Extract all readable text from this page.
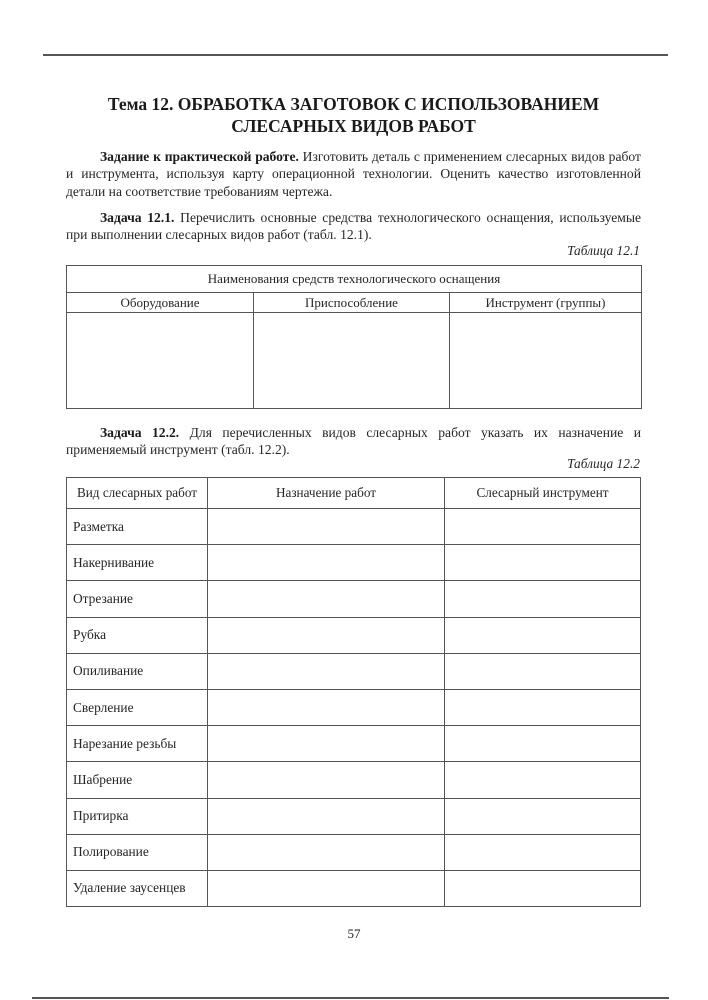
Тема 12. ОБРАБОТКА ЗАГОТОВОК С ИСПОЛЬЗОВАНИЕМ
СЛЕСАРНЫХ ВИДОВ РАБОТ
Задание к практической работе. Изготовить деталь с применением слесарных видов работ и инструмента, используя карту операционной технологии. Оценить качество изготовленной детали на соответствие требованиям чертежа.
Задача 12.1. Перечислить основные средства технологического оснащения, используемые при выполнении слесарных видов работ (табл. 12.1).
Таблица 12.1
Наименования средств технологического оснащения		
Оборудование	Приспособление	Инструмент (группы)

Задача 12.2. Для перечисленных видов слесарных работ указать их назначение и применяемый инструмент (табл. 12.2).
Таблица 12.2
Вид слесарных работ	Назначение работ	Слесарный инструмент
Разметка		
Накернивание		
Отрезание		
Рубка		
Опиливание		
Сверление		
Нарезание резьбы		
Шабрение		
Притирка		
Полирование		
Удаление заусенцев		
57
